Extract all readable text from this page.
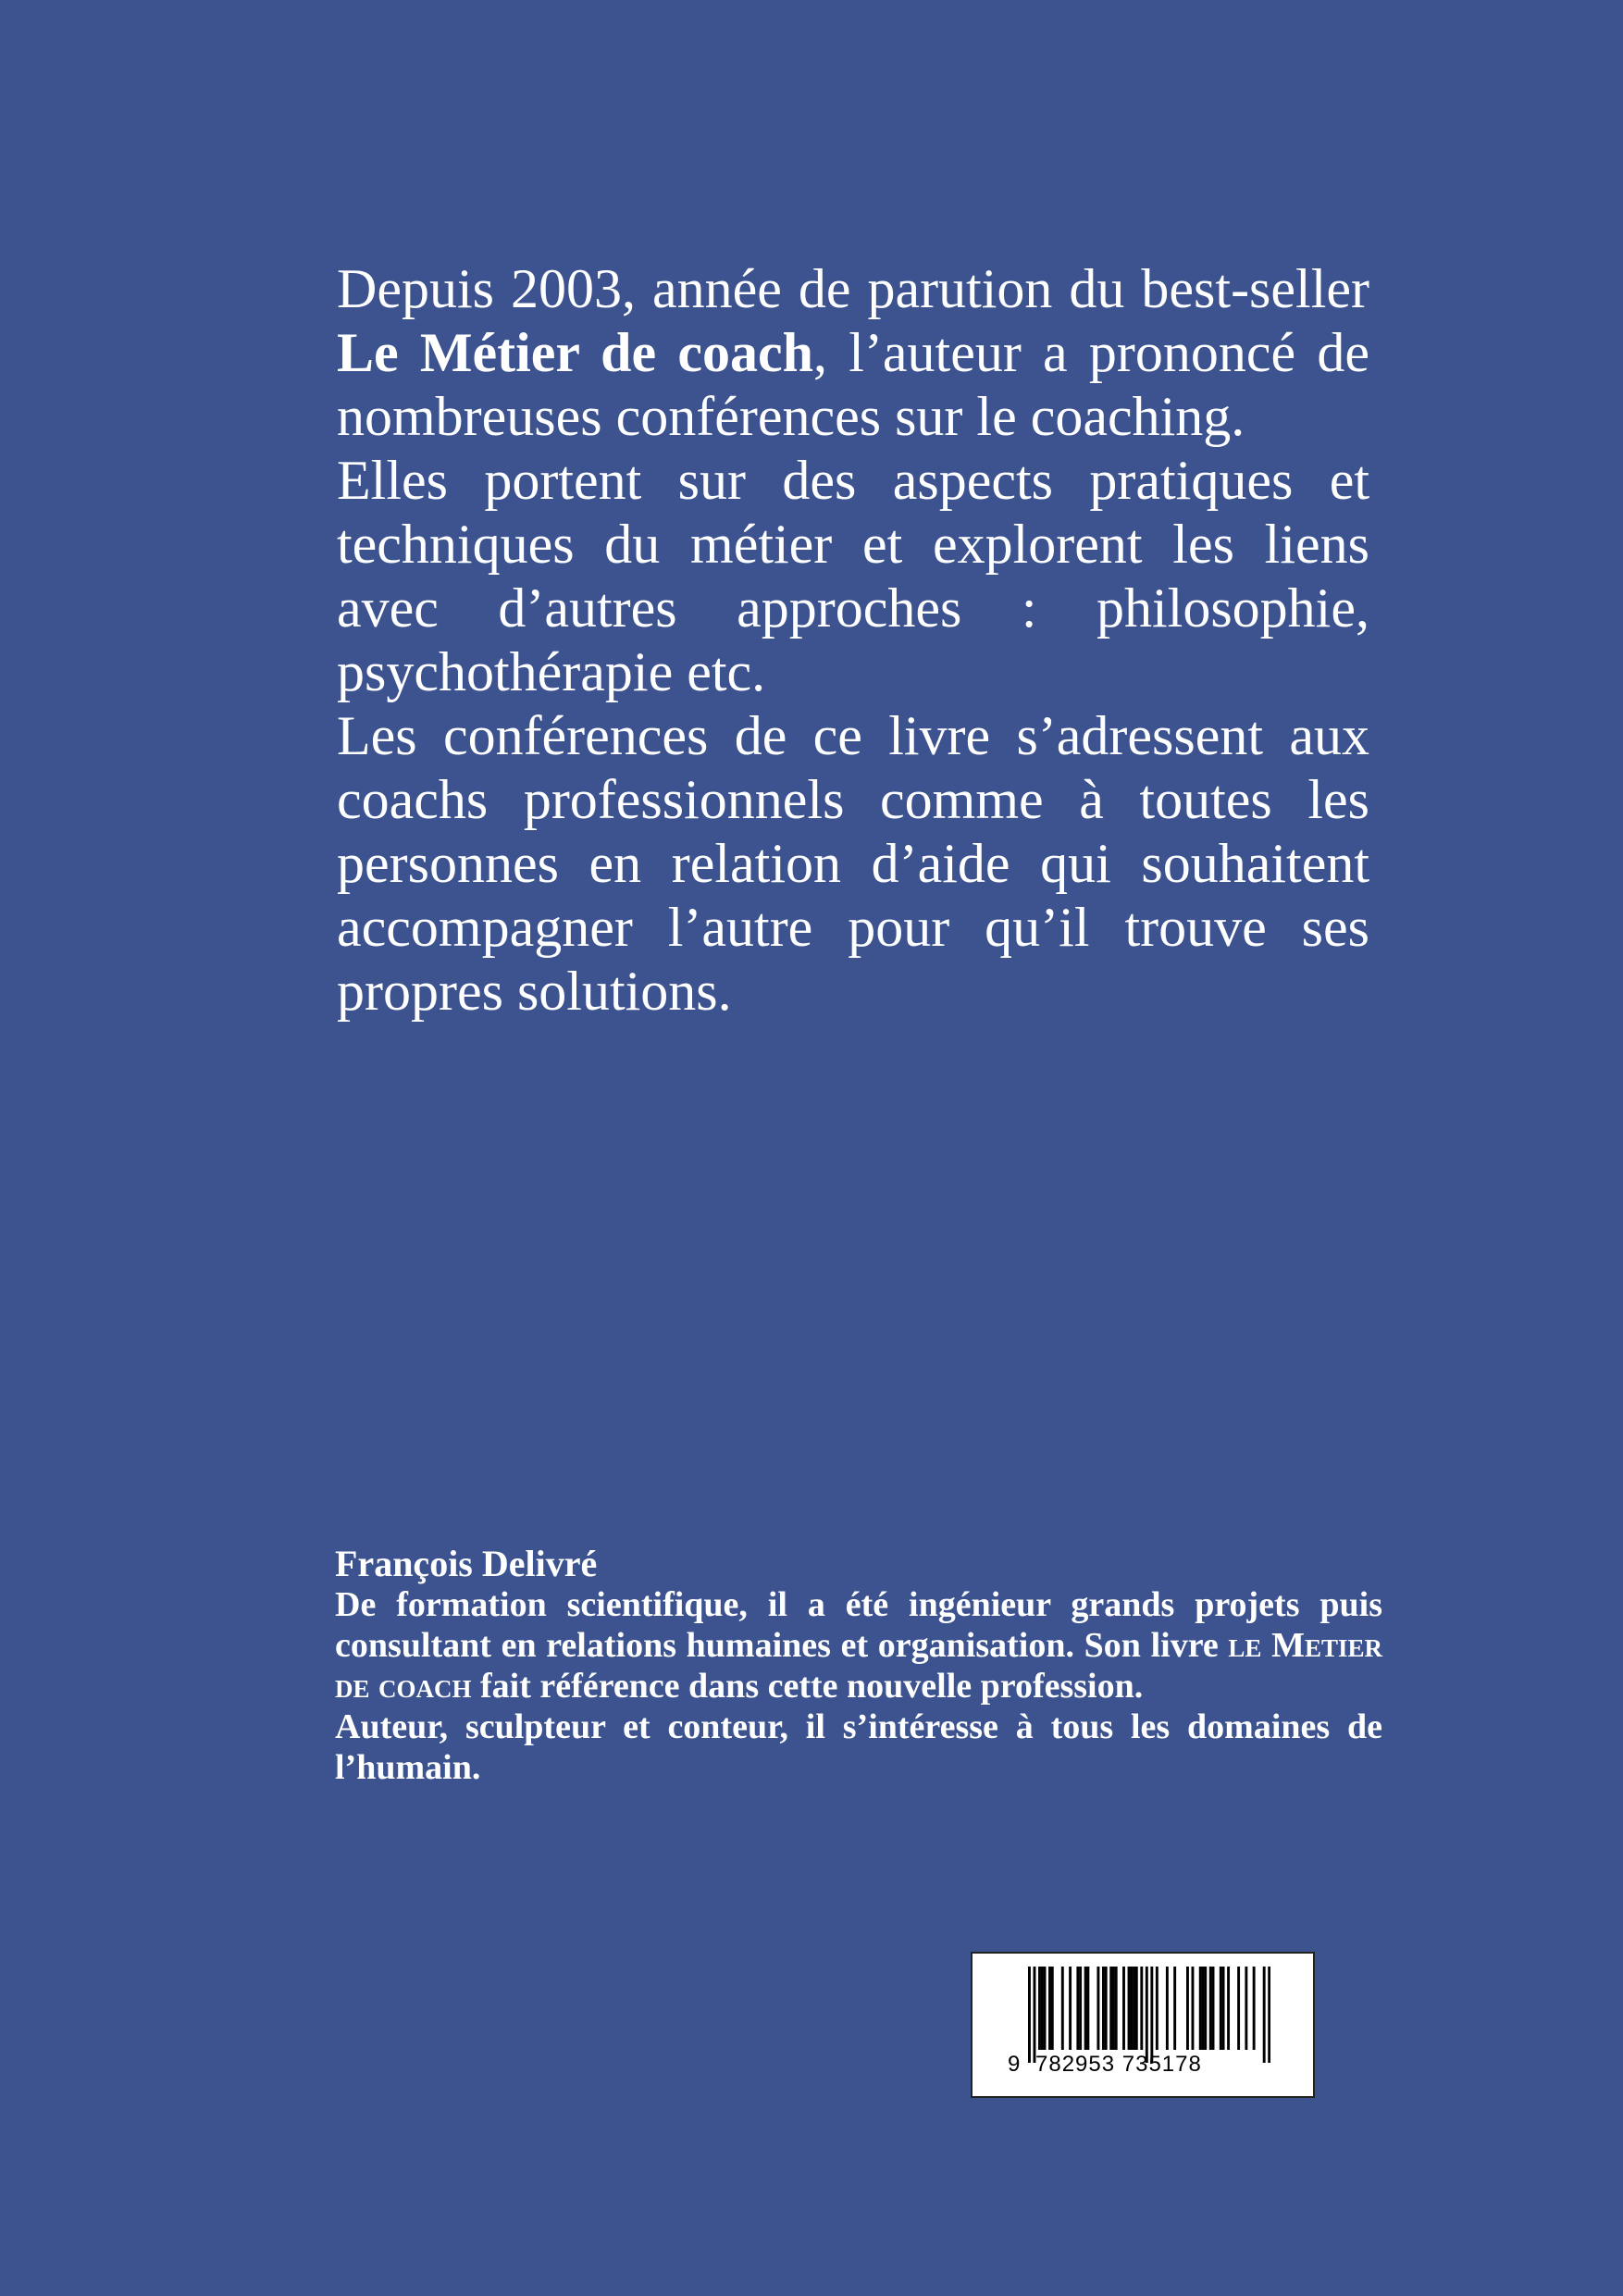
Depuis 2003, année de parution du best-seller Le Métier de coach, l’auteur a prononcé de nombreuses conférences sur le coaching.

Elles portent sur des aspects pratiques et techniques du métier et explorent les liens avec d’autres approches : philosophie, psychothérapie etc.

Les conférences de ce livre s’adressent aux coachs professionnels comme à toutes les personnes en relation d’aide qui souhaitent accompagner l’autre pour qu’il trouve ses propres solutions.

François Delivré

De formation scientifique, il a été ingénieur grands projets puis consultant en relations humaines et organisation. Son livre le Metier de coach fait référence dans cette nouvelle profession.

Auteur, sculpteur et conteur, il s’intéresse à tous les domaines de l’humain.

9 782953 735178
